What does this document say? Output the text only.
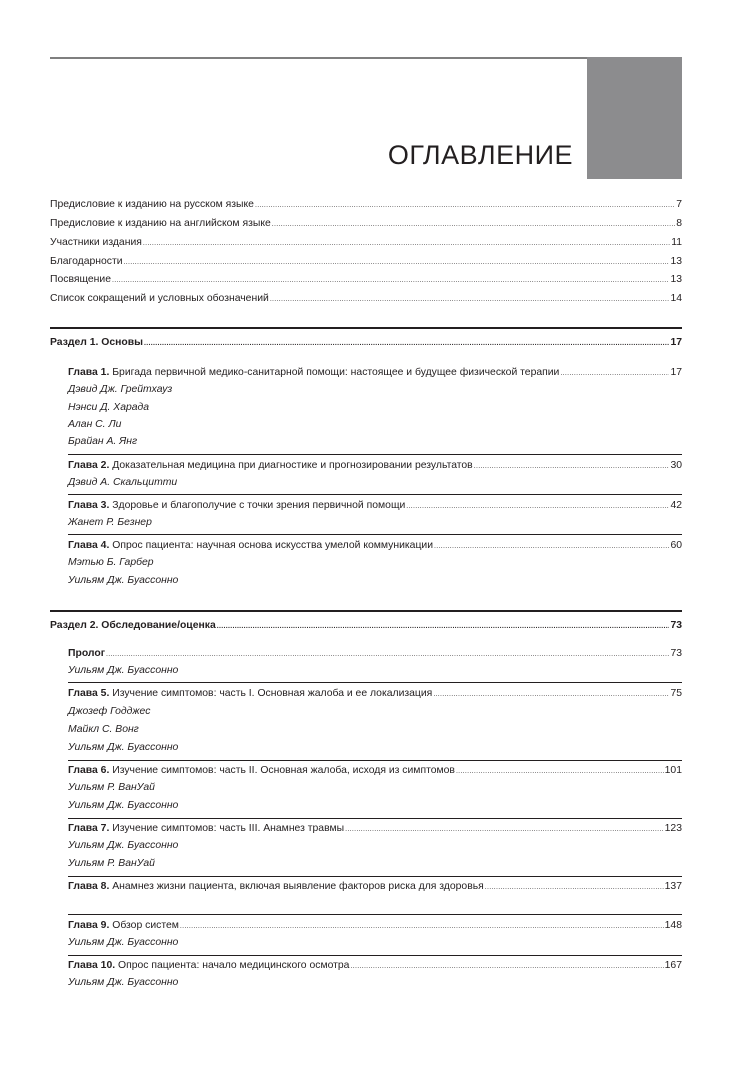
ОГЛАВЛЕНИЕ
Предисловие к изданию на русском языке .....	7
Предисловие к изданию на английском языке .....	8
Участники издания .....	11
Благодарности .....	13
Посвящение .....	13
Список сокращений и условных обозначений .....	14
Раздел 1. Основы .....	17
Глава 1. Бригада первичной медико-санитарной помощи: настоящее и будущее физической терапии .....	17
Дэвид Дж. Грейтхауз
Нэнси Д. Харада
Алан С. Ли
Брайан А. Янг
Глава 2. Доказательная медицина при диагностике и прогнозировании результатов .....	30
Дэвид А. Скальцитти
Глава 3. Здоровье и благополучие с точки зрения первичной помощи .....	42
Жанет Р. Безнер
Глава 4. Опрос пациента: научная основа искусства умелой коммуникации .....	60
Мэтью Б. Гарбер
Уильям Дж. Буассонно
Раздел 2. Обследование/оценка .....	73
Пролог .....	73
Уильям Дж. Буассонно
Глава 5. Изучение симптомов: часть I. Основная жалоба и ее локализация .....	75
Джозеф Годджес
Майкл С. Вонг
Уильям Дж. Буассонно
Глава 6. Изучение симптомов: часть II. Основная жалоба, исходя из симптомов .....	101
Уильям Р. ВанУай
Уильям Дж. Буассонно
Глава 7. Изучение симптомов: часть III. Анамнез травмы .....	123
Уильям Дж. Буассонно
Уильям Р. ВанУай
Глава 8. Анамнез жизни пациента, включая выявление факторов риска для здоровья .....	137
Глава 9. Обзор систем .....	148
Уильям Дж. Буассонно
Глава 10. Опрос пациента: начало медицинского осмотра .....	167
Уильям Дж. Буассонно
